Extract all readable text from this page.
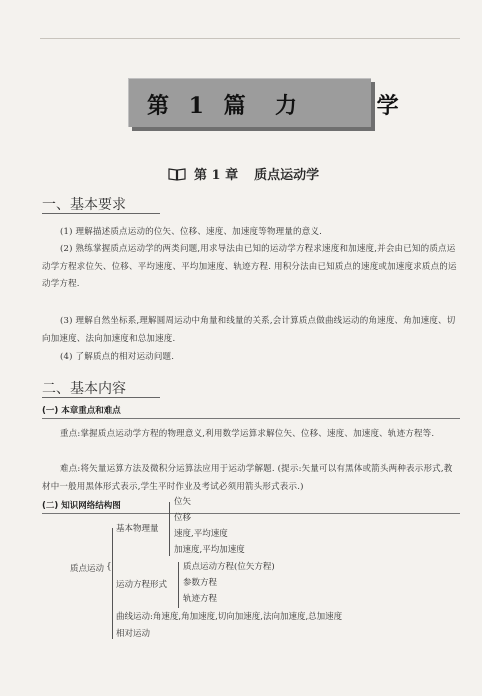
第 1 篇 力 学
第 1 章 质点运动学
一、基本要求
(1) 理解描述质点运动的位矢、位移、速度、加速度等物理量的意义.
(2) 熟练掌握质点运动学的两类问题,用求导法由已知的运动学方程求速度和加速度,并会由已知的质点运动学方程求位矢、位移、平均速度、平均加速度、轨迹方程. 用积分法由已知质点的速度或加速度求质点的运动学方程.
(3) 理解自然坐标系,理解圆周运动中角量和线量的关系,会计算质点做曲线运动的角速度、角加速度、切向加速度、法向加速度和总加速度.
(4) 了解质点的相对运动问题.
二、基本内容
(一) 本章重点和难点
重点:掌握质点运动学方程的物理意义,利用数学运算求解位矢、位移、速度、加速度、轨迹方程等.
难点:将矢量运算方法及微积分运算法应用于运动学解题. (提示:矢量可以有黑体或箭头两种表示形式,教材中一般用黑体形式表示,学生平时作业及考试必须用箭头形式表示.)
(二) 知识网络结构图
质点运动 {
基本物理量
位矢
位移
速度,平均速度
加速度,平均加速度
运动方程形式
质点运动方程(位矢方程)
参数方程
轨迹方程
曲线运动:角速度,角加速度,切向加速度,法向加速度,总加速度
相对运动
